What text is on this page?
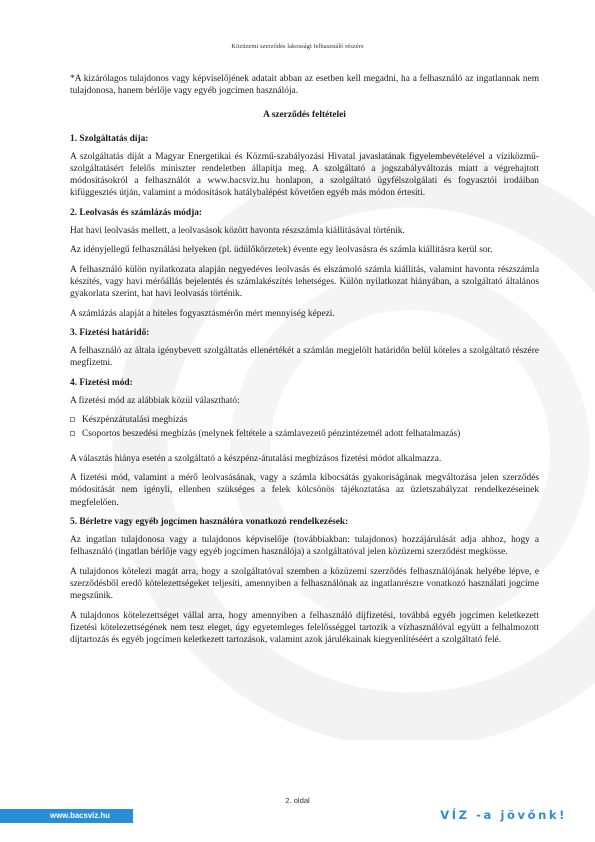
Közüzemi szerződés lakossági felhasználó részére

*A kizárólagos tulajdonos vagy képviselőjének adatait abban az esetben kell megadni, ha a felhasználó az ingatlannak nem tulajdonosa, hanem bérlője vagy egyéb jogcímen használója.

A szerződés feltételei
1. Szolgáltatás díja:

A szolgáltatás díját a Magyar Energetikai és Közmű-szabályozási Hivatal javaslatának figyelembevételével a víziközmű-szolgáltatásért felelős miniszter rendeletben állapítja meg. A szolgáltató a jogszabályváltozás miatt a végrehajtott módosításokról a felhasználót a www.bacsviz.hu honlapon, a szolgáltató ügyfélszolgálati és fogyasztói irodáiban kifüggesztés útján, valamint a módosítások hatálybalépést követően egyéb más módon értesíti.

2. Leolvasás és számlázás módja:

Hat havi leolvasás mellett, a leolvasások között havonta részszámla kiállításával történik.

Az idényjellegű felhasználási helyeken (pl. üdülőkörzetek) évente egy leolvasásra és számla kiállításra kerül sor.

A felhasználó külön nyilatkozata alapján negyedéves leolvasás és elszámoló számla kiállítás, valamint havonta részszámla készítés, vagy havi mérőállás bejelentés és számlakészítés lehetséges. Külön nyilatkozat hiányában, a szolgáltató általános gyakorlata szerint, hat havi leolvasás történik.

A számlázás alapját a hiteles fogyasztásmérőn mért mennyiség képezi.

3. Fizetési határidő:

A felhasználó az általa igénybevett szolgáltatás ellenértékét a számlán megjelölt határidőn belül köteles a szolgáltató részére megfizetni.

4. Fizetési mód:

A fizetési mód az alábbiak közül választható:

Készpénzátutalási megbízás
Csoportos beszedési megbízás (melynek feltétele a számlavezető pénzintézetnél adott felhatalmazás)

A választás hiánya esetén a szolgáltató a készpénz-átutalási megbízásos fizetési módot alkalmazza.

A fizetési mód, valamint a mérő leolvasásának, vagy a számla kibocsátás gyakoriságának megváltozása jelen szerződés módosítását nem igényli, ellenben szükséges a felek kölcsönös tájékoztatása az üzletszabályzat rendelkezéseinek megfelelően.

5. Bérletre vagy egyéb jogcímen használóra vonatkozó rendelkezések:

Az ingatlan tulajdonosa vagy a tulajdonos képviselője (továbbiakban: tulajdonos) hozzájárulását adja ahhoz, hogy a felhasználó (ingatlan bérlője vagy egyéb jogcímen használója) a szolgáltatóval jelen közüzemi szerződést megkösse.

A tulajdonos kötelezi magát arra, hogy a szolgáltatóval szemben a közüzemi szerződés felhasználójának helyébe lépve, e szerződésből eredő kötelezettségeket teljesíti, amennyiben a felhasználónak az ingatlanrészre vonatkozó használati jogcíme megszűnik.

A tulajdonos kötelezettséget vállal arra, hogy amennyiben a felhasználó díjfizetési, továbbá egyéb jogcímen keletkezett fizetési kötelezettségének nem tesz eleget, úgy egyetemleges felelősséggel tartozik a vízhasználóval együtt a felhalmozott díjtartozás és egyéb jogcímen keletkezett tartozások, valamint azok járulékainak kiegyenlítéséért a szolgáltató felé.

2. oldal
www.bacsviz.hu	VÍZ -a jövőnk!
